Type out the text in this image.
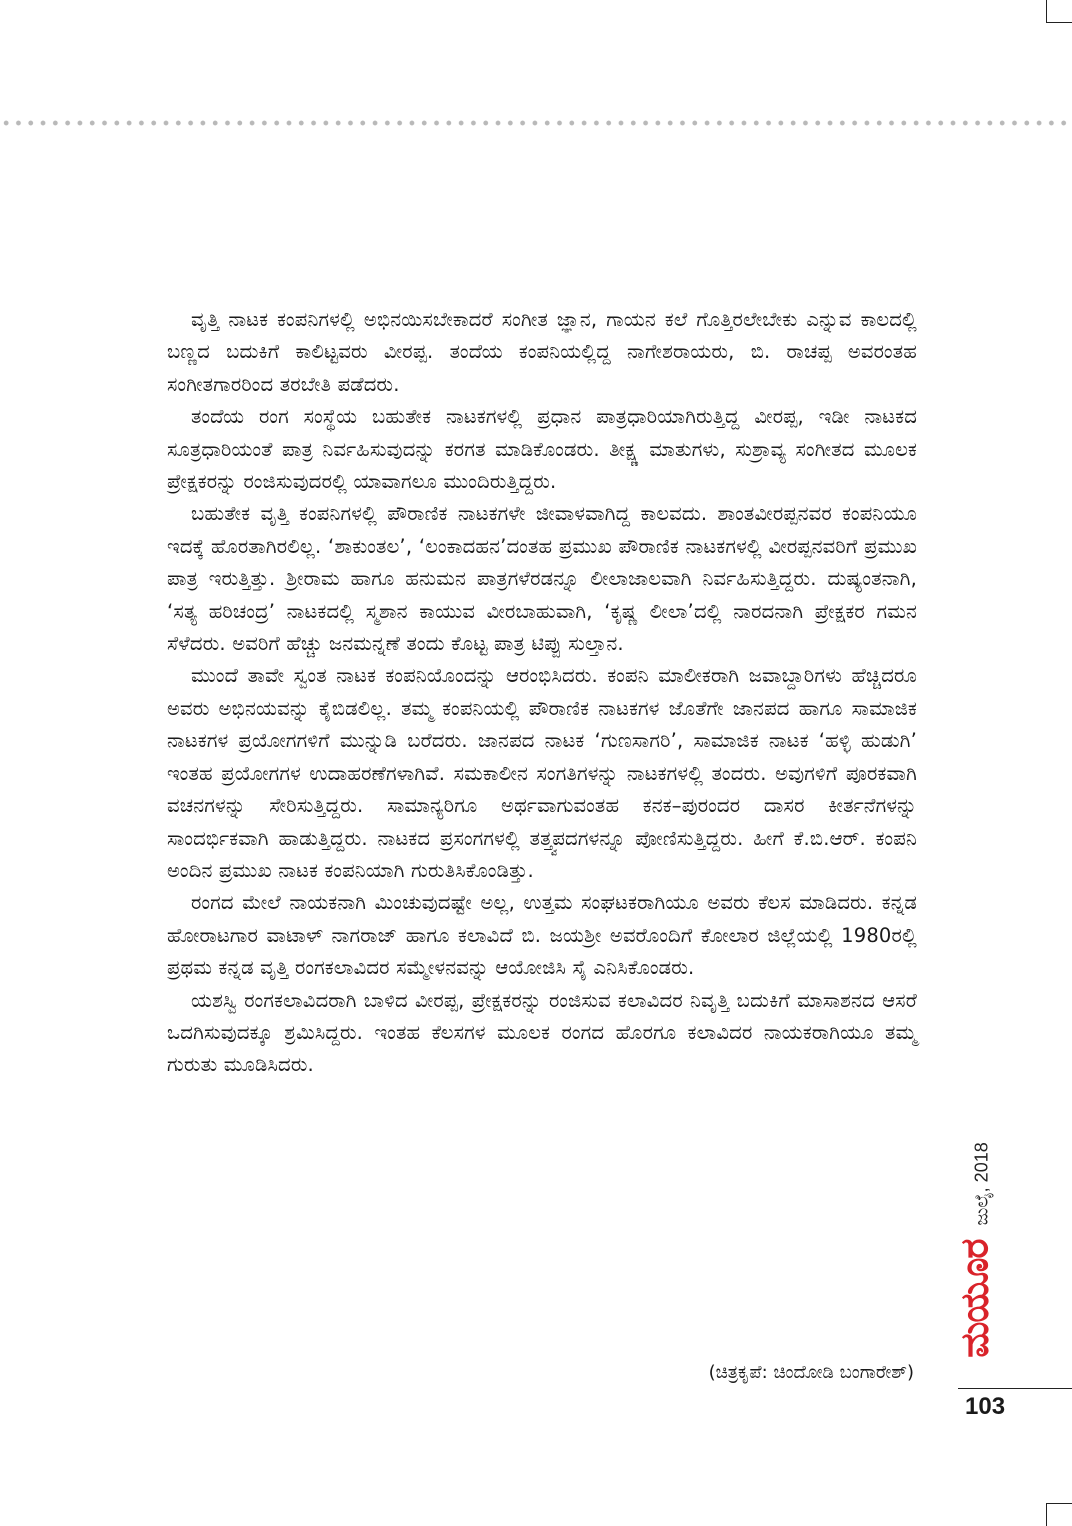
ವೃತ್ತಿ ನಾಟಕ ಕಂಪನಿಗಳಲ್ಲಿ ಅಭಿನಯಿಸಬೇಕಾದರೆ ಸಂಗೀತ ಜ್ಞಾನ, ಗಾಯನ ಕಲೆ ಗೊತ್ತಿರಲೇಬೇಕು ಎನ್ನುವ ಕಾಲದಲ್ಲಿ ಬಣ್ಣದ ಬದುಕಿಗೆ ಕಾಲಿಟ್ಟವರು ವೀರಪ್ಪ. ತಂದೆಯ ಕಂಪನಿಯಲ್ಲಿದ್ದ ನಾಗೇಶರಾಯರು, ಬಿ. ರಾಚಪ್ಪ ಅವರಂತಹ ಸಂಗೀತಗಾರರಿಂದ ತರಬೇತಿ ಪಡೆದರು.

ತಂದೆಯ ರಂಗ ಸಂಸ್ಥೆಯ ಬಹುತೇಕ ನಾಟಕಗಳಲ್ಲಿ ಪ್ರಧಾನ ಪಾತ್ರಧಾರಿಯಾಗಿರುತ್ತಿದ್ದ ವೀರಪ್ಪ, ಇಡೀ ನಾಟಕದ ಸೂತ್ರಧಾರಿಯಂತೆ ಪಾತ್ರ ನಿರ್ವಹಿಸುವುದನ್ನು ಕರಗತ ಮಾಡಿಕೊಂಡರು. ತೀಕ್ಷ್ಣ ಮಾತುಗಳು, ಸುಶ್ರಾವ್ಯ ಸಂಗೀತದ ಮೂಲಕ ಪ್ರೇಕ್ಷಕರನ್ನು ರಂಜಿಸುವುದರಲ್ಲಿ ಯಾವಾಗಲೂ ಮುಂದಿರುತ್ತಿದ್ದರು.

ಬಹುತೇಕ ವೃತ್ತಿ ಕಂಪನಿಗಳಲ್ಲಿ ಪೌರಾಣಿಕ ನಾಟಕಗಳೇ ಜೀವಾಳವಾಗಿದ್ದ ಕಾಲವದು. ಶಾಂತವೀರಪ್ಪನವರ ಕಂಪನಿಯೂ ಇದಕ್ಕೆ ಹೊರತಾಗಿರಲಿಲ್ಲ. ‘ಶಾಕುಂತಲ’, ‘ಲಂಕಾದಹನ’ದಂತಹ ಪ್ರಮುಖ ಪೌರಾಣಿಕ ನಾಟಕಗಳಲ್ಲಿ ವೀರಪ್ಪನವರಿಗೆ ಪ್ರಮುಖ ಪಾತ್ರ ಇರುತ್ತಿತ್ತು. ಶ್ರೀರಾಮ ಹಾಗೂ ಹನುಮನ ಪಾತ್ರಗಳೆರಡನ್ನೂ ಲೀಲಾಜಾಲವಾಗಿ ನಿರ್ವಹಿಸುತ್ತಿದ್ದರು. ದುಷ್ಯಂತನಾಗಿ, ‘ಸತ್ಯ ಹರಿಚಂದ್ರ’ ನಾಟಕದಲ್ಲಿ ಸ್ಮಶಾನ ಕಾಯುವ ವೀರಬಾಹುವಾಗಿ, ‘ಕೃಷ್ಣ ಲೀಲಾ’ದಲ್ಲಿ ನಾರದನಾಗಿ ಪ್ರೇಕ್ಷಕರ ಗಮನ ಸೆಳೆದರು. ಅವರಿಗೆ ಹೆಚ್ಚು ಜನಮನ್ನಣೆ ತಂದು ಕೊಟ್ಟ ಪಾತ್ರ ಟಿಪ್ಪು ಸುಲ್ತಾನ.

ಮುಂದೆ ತಾವೇ ಸ್ವಂತ ನಾಟಕ ಕಂಪನಿಯೊಂದನ್ನು ಆರಂಭಿಸಿದರು. ಕಂಪನಿ ಮಾಲೀಕರಾಗಿ ಜವಾಬ್ದಾರಿಗಳು ಹೆಚ್ಚಿದರೂ ಅವರು ಅಭಿನಯವನ್ನು ಕೈಬಿಡಲಿಲ್ಲ. ತಮ್ಮ ಕಂಪನಿಯಲ್ಲಿ ಪೌರಾಣಿಕ ನಾಟಕಗಳ ಜೊತೆಗೇ ಜಾನಪದ ಹಾಗೂ ಸಾಮಾಜಿಕ ನಾಟಕಗಳ ಪ್ರಯೋಗಗಳಿಗೆ ಮುನ್ನುಡಿ ಬರೆದರು. ಜಾನಪದ ನಾಟಕ ‘ಗುಣಸಾಗರಿ’, ಸಾಮಾಜಿಕ ನಾಟಕ ‘ಹಳ್ಳಿ ಹುಡುಗಿ’ ಇಂತಹ ಪ್ರಯೋಗಗಳ ಉದಾಹರಣೆಗಳಾಗಿವೆ. ಸಮಕಾಲೀನ ಸಂಗತಿಗಳನ್ನು ನಾಟಕಗಳಲ್ಲಿ ತಂದರು. ಅವುಗಳಿಗೆ ಪೂರಕವಾಗಿ ವಚನಗಳನ್ನು ಸೇರಿಸುತ್ತಿದ್ದರು. ಸಾಮಾನ್ಯರಿಗೂ ಅರ್ಥವಾಗುವಂತಹ ಕನಕ–ಪುರಂದರ ದಾಸರ ಕೀರ್ತನೆಗಳನ್ನು ಸಾಂದರ್ಭಿಕವಾಗಿ ಹಾಡುತ್ತಿದ್ದರು. ನಾಟಕದ ಪ್ರಸಂಗಗಳಲ್ಲಿ ತತ್ತ್ವಪದಗಳನ್ನೂ ಪೋಣಿಸುತ್ತಿದ್ದರು. ಹೀಗೆ ಕೆ.ಬಿ.ಆರ್. ಕಂಪನಿ ಅಂದಿನ ಪ್ರಮುಖ ನಾಟಕ ಕಂಪನಿಯಾಗಿ ಗುರುತಿಸಿಕೊಂಡಿತ್ತು.

ರಂಗದ ಮೇಲೆ ನಾಯಕನಾಗಿ ಮಿಂಚುವುದಷ್ಟೇ ಅಲ್ಲ, ಉತ್ತಮ ಸಂಘಟಕರಾಗಿಯೂ ಅವರು ಕೆಲಸ ಮಾಡಿದರು. ಕನ್ನಡ ಹೋರಾಟಗಾರ ವಾಟಾಳ್ ನಾಗರಾಜ್ ಹಾಗೂ ಕಲಾವಿದೆ ಬಿ. ಜಯಶ್ರೀ ಅವರೊಂದಿಗೆ ಕೋಲಾರ ಜಿಲ್ಲೆಯಲ್ಲಿ 1980ರಲ್ಲಿ ಪ್ರಥಮ ಕನ್ನಡ ವೃತ್ತಿ ರಂಗಕಲಾವಿದರ ಸಮ್ಮೇಳನವನ್ನು ಆಯೋಜಿಸಿ ಸೈ ಎನಿಸಿಕೊಂಡರು.

ಯಶಸ್ವಿ ರಂಗಕಲಾವಿದರಾಗಿ ಬಾಳಿದ ವೀರಪ್ಪ, ಪ್ರೇಕ್ಷಕರನ್ನು ರಂಜಿಸುವ ಕಲಾವಿದರ ನಿವೃತ್ತಿ ಬದುಕಿಗೆ ಮಾಸಾಶನದ ಆಸರೆ ಒದಗಿಸುವುದಕ್ಕೂ ಶ್ರಮಿಸಿದ್ದರು. ಇಂತಹ ಕೆಲಸಗಳ ಮೂಲಕ ರಂಗದ ಹೊರಗೂ ಕಲಾವಿದರ ನಾಯಕರಾಗಿಯೂ ತಮ್ಮ ಗುರುತು ಮೂಡಿಸಿದರು.

(ಚಿತ್ರಕೃಪೆ: ಚಿಂದೋಡಿ ಬಂಗಾರೇಶ್)
ಮಯೂರ
ಜುಲೈ, 2018
103
